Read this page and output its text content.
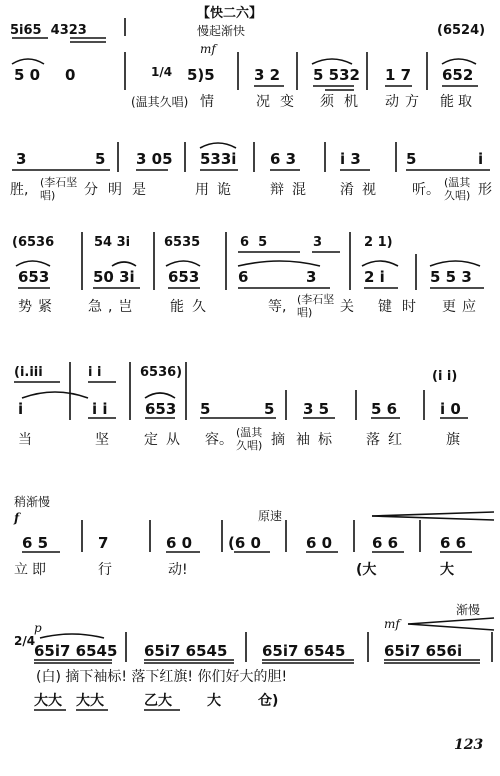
【快二六】
慢起渐快
mf
5i65  4323	(6524)
5 0 0	1/4 5)5	3 2 5 532 1 7 652
(温其久唱) 情	况变 须机 动方 能取
3	5 3 05 533i 6 3	i 3	5	i
胜, (李石坚唱)	分明是	用诡 辩混 淆视 听。 (温其久唱) 形
(6536	54 3i	6535	6  5	3	2 1)
653	50 3i 653	6	3	2 i	5 5 3
势紧 急,岂 能久	等, (李石坚唱)	关 键时 更应
(i.iii	i i	6536)	(i i)
i	i i 653 5	5 3 5	5 6	i 0
当	坚	定从 容。 (温其久唱) 摘 袖标 落红	旗
稍渐慢
f	原速
6 5	7	6 0 (6 0	6 0	6 6	6 6
立即	行	动!	(大	大
p
2/4
渐慢
mf
65i7 6545 65i7 6545 65i7 6545	65i7 656i
(白) 摘下袖标! 落下红旗! 你们好大的胆!
大大 大大	乙大	大	仓)
123
